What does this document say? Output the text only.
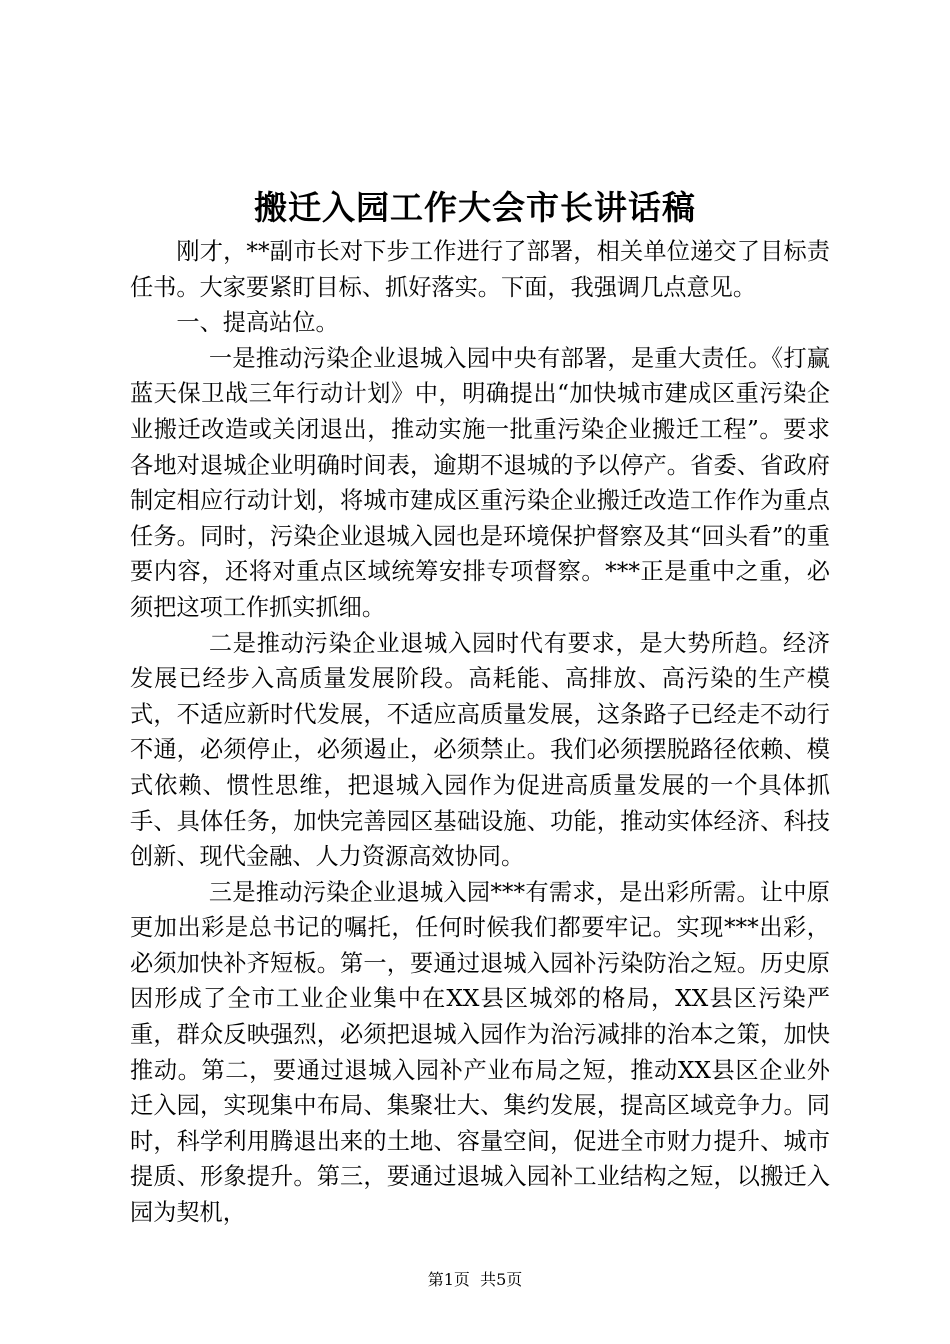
搬迁入园工作大会市长讲话稿

刚才，**副市长对下步工作进行了部署，相关单位递交了目标责任书。大家要紧盯目标、抓好落实。下面，我强调几点意见。

一、提高站位。

一是推动污染企业退城入园中央有部署，是重大责任。《打赢蓝天保卫战三年行动计划》中，明确提出“加快城市建成区重污染企业搬迁改造或关闭退出，推动实施一批重污染企业搬迁工程”。要求各地对退城企业明确时间表，逾期不退城的予以停产。省委、省政府制定相应行动计划，将城市建成区重污染企业搬迁改造工作作为重点任务。同时，污染企业退城入园也是环境保护督察及其“回头看”的重要内容，还将对重点区域统筹安排专项督察。***正是重中之重，必须把这项工作抓实抓细。

二是推动污染企业退城入园时代有要求，是大势所趋。经济发展已经步入高质量发展阶段。高耗能、高排放、高污染的生产模式，不适应新时代发展，不适应高质量发展，这条路子已经走不动行不通，必须停止，必须遏止，必须禁止。我们必须摆脱路径依赖、模式依赖、惯性思维，把退城入园作为促进高质量发展的一个具体抓手、具体任务，加快完善园区基础设施、功能，推动实体经济、科技创新、现代金融、人力资源高效协同。

三是推动污染企业退城入园***有需求，是出彩所需。让中原更加出彩是总书记的嘱托，任何时候我们都要牢记。实现***出彩，必须加快补齐短板。第一，要通过退城入园补污染防治之短。历史原因形成了全市工业企业集中在XX县区城郊的格局，XX县区污染严重，群众反映强烈，必须把退城入园作为治污减排的治本之策，加快推动。第二，要通过退城入园补产业布局之短，推动XX县区企业外迁入园，实现集中布局、集聚壮大、集约发展，提高区域竞争力。同时，科学利用腾退出来的土地、容量空间，促进全市财力提升、城市提质、形象提升。第三，要通过退城入园补工业结构之短，以搬迁入园为契机，

第1页  共5页
